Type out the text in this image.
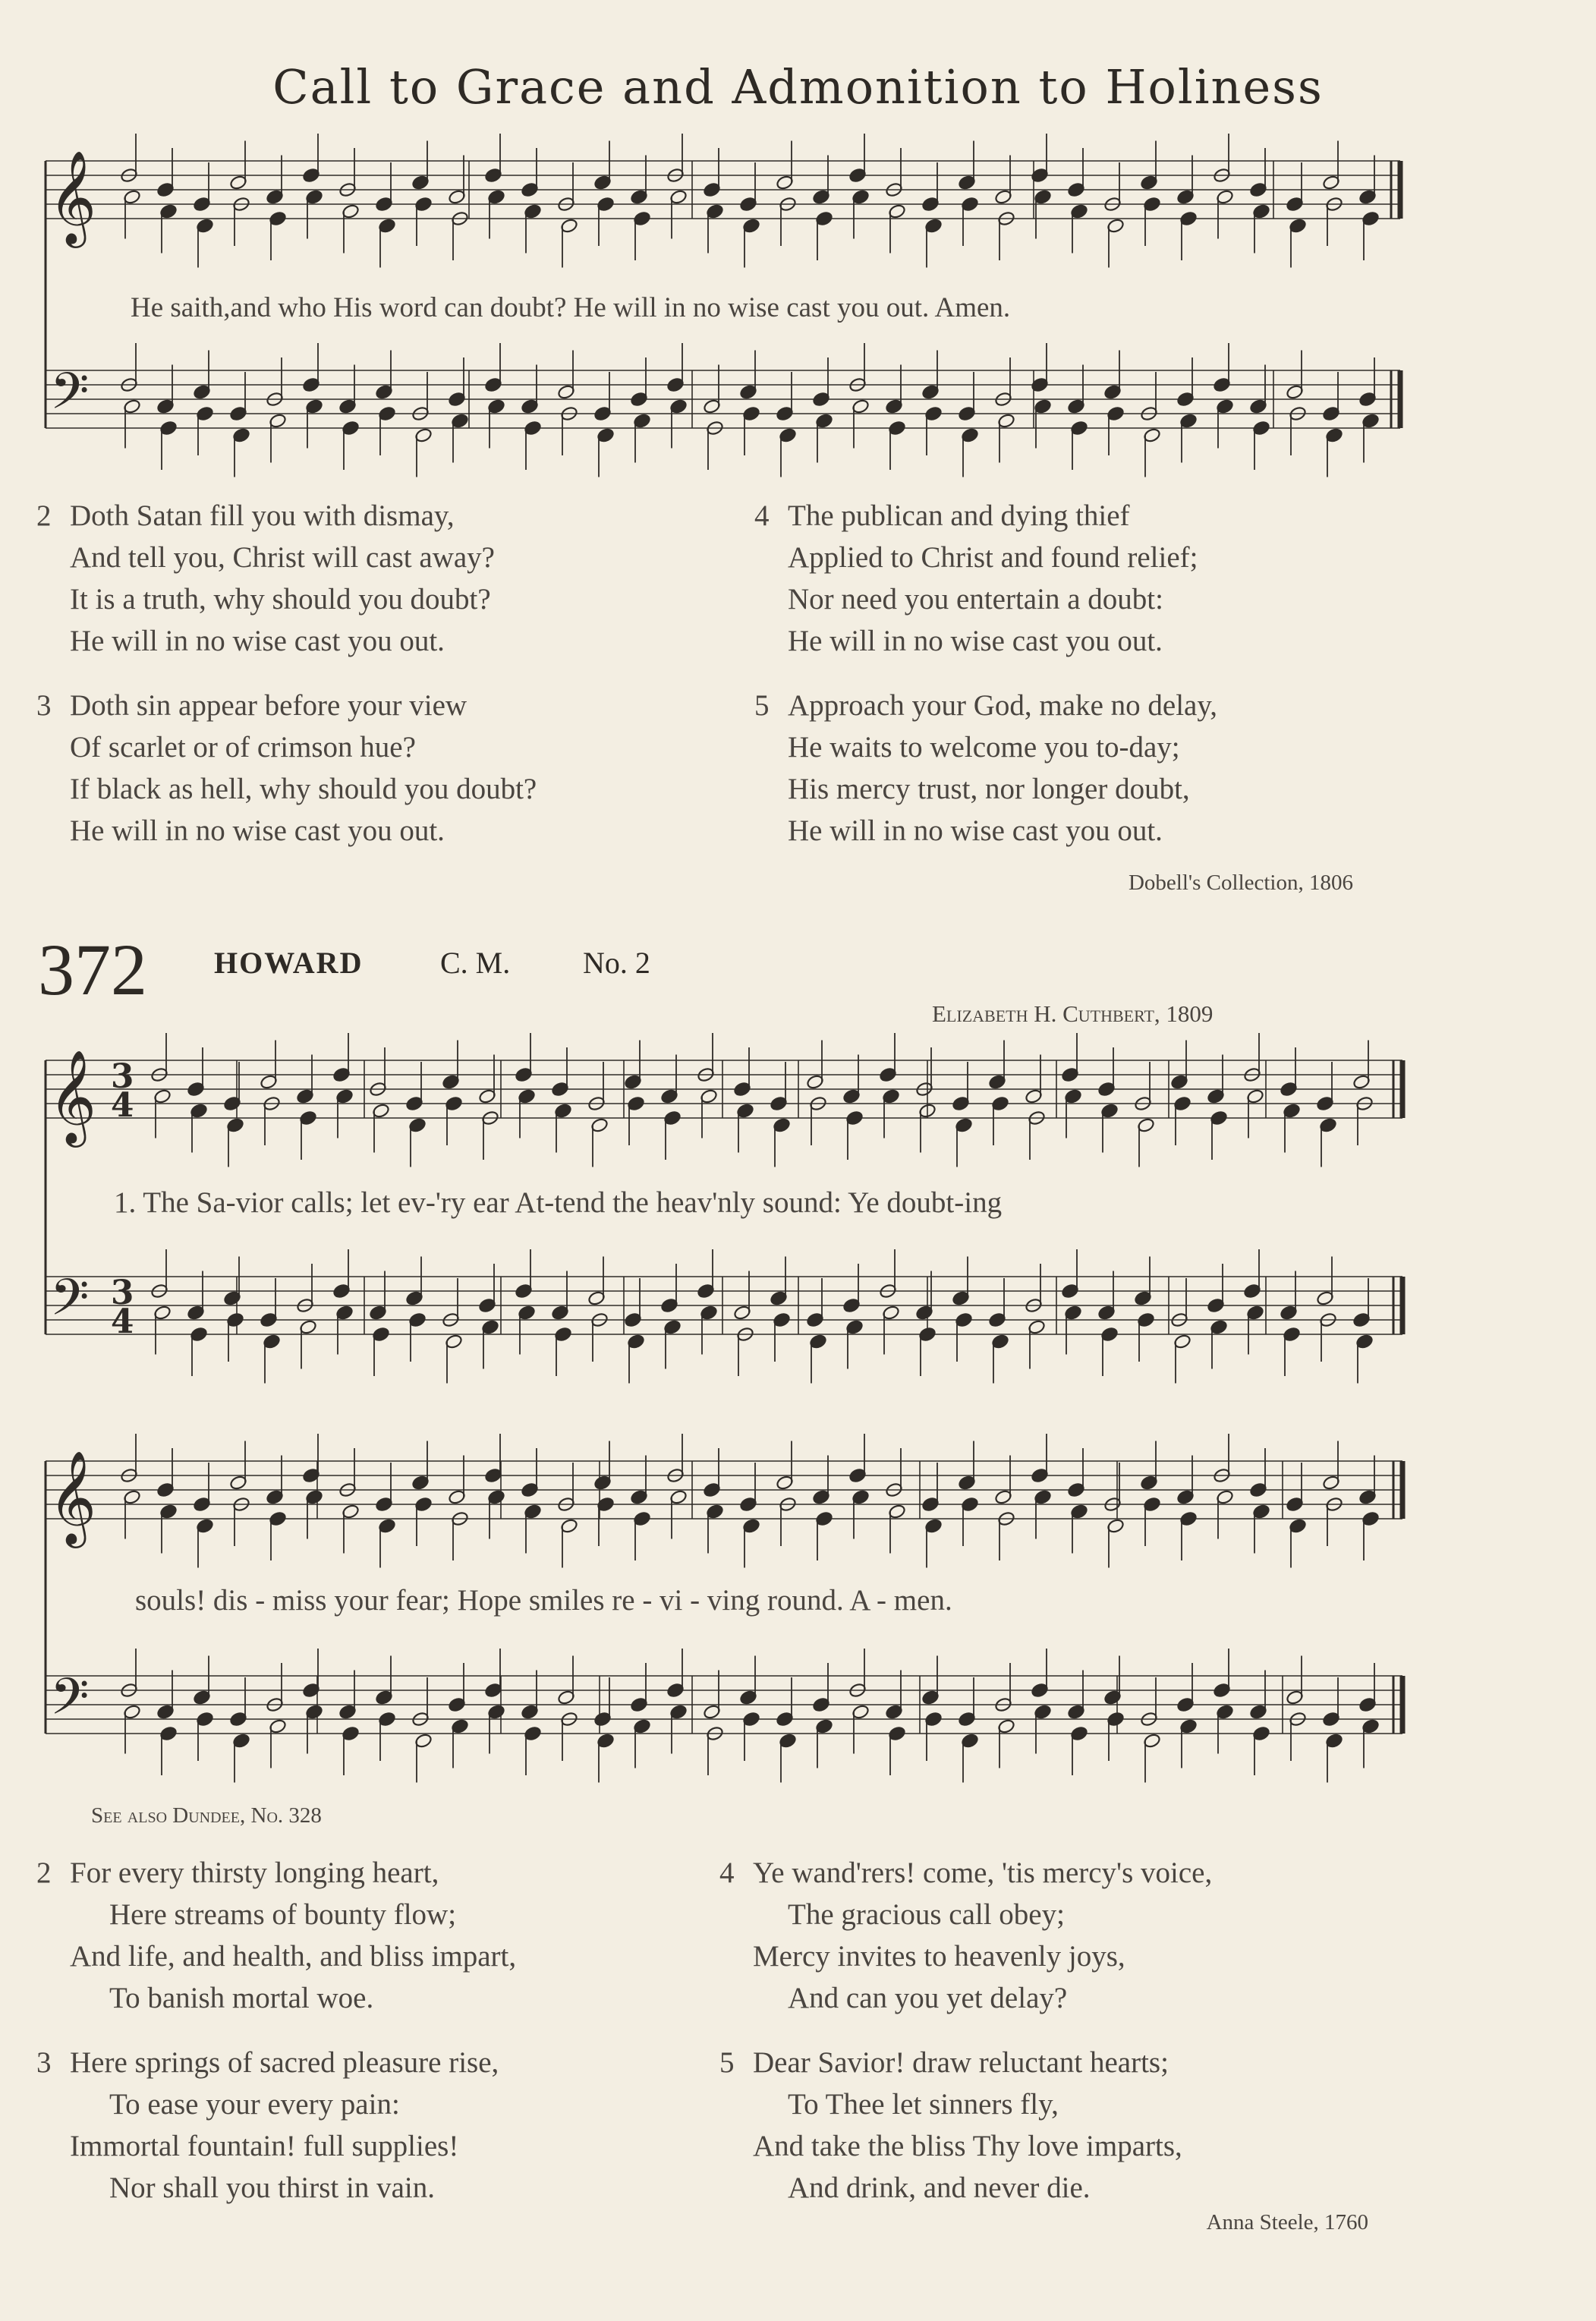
Call to Grace and Admonition to Holiness
𝄞
𝄢
𝄞
𝄢
3
4
3
4
𝄞
𝄢
He saith,and who His word can doubt? He will in no wise cast you out. Amen.
2 Doth Satan fill you with dismay,
And tell you, Christ will cast away?
It is a truth, why should you doubt?
He will in no wise cast you out.
3 Doth sin appear before your view
Of scarlet or of crimson hue?
If black as hell, why should you doubt?
He will in no wise cast you out.
4 The publican and dying thief
Applied to Christ and found relief;
Nor need you entertain a doubt:
He will in no wise cast you out.
5 Approach your God, make no delay,
He waits to welcome you to-day;
His mercy trust, nor longer doubt,
He will in no wise cast you out.
Dobell's Collection, 1806
372 HOWARD	C. M. No. 2
Elizabeth H. Cuthbert, 1809
1. The Sa-vior calls; let ev-'ry ear At-tend the heav'nly sound: Ye doubt-ing
souls! dis - miss your fear; Hope smiles re - vi - ving round. A - men.
See also Dundee, No. 328
2 For every thirsty longing heart,
Here streams of bounty flow;
And life, and health, and bliss impart,
To banish mortal woe.
3 Here springs of sacred pleasure rise,
To ease your every pain:
Immortal fountain! full supplies!
Nor shall you thirst in vain.
4 Ye wand'rers! come, 'tis mercy's voice,
The gracious call obey;
Mercy invites to heavenly joys,
And can you yet delay?
5 Dear Savior! draw reluctant hearts;
To Thee let sinners fly,
And take the bliss Thy love imparts,
And drink, and never die.
Anna Steele, 1760
